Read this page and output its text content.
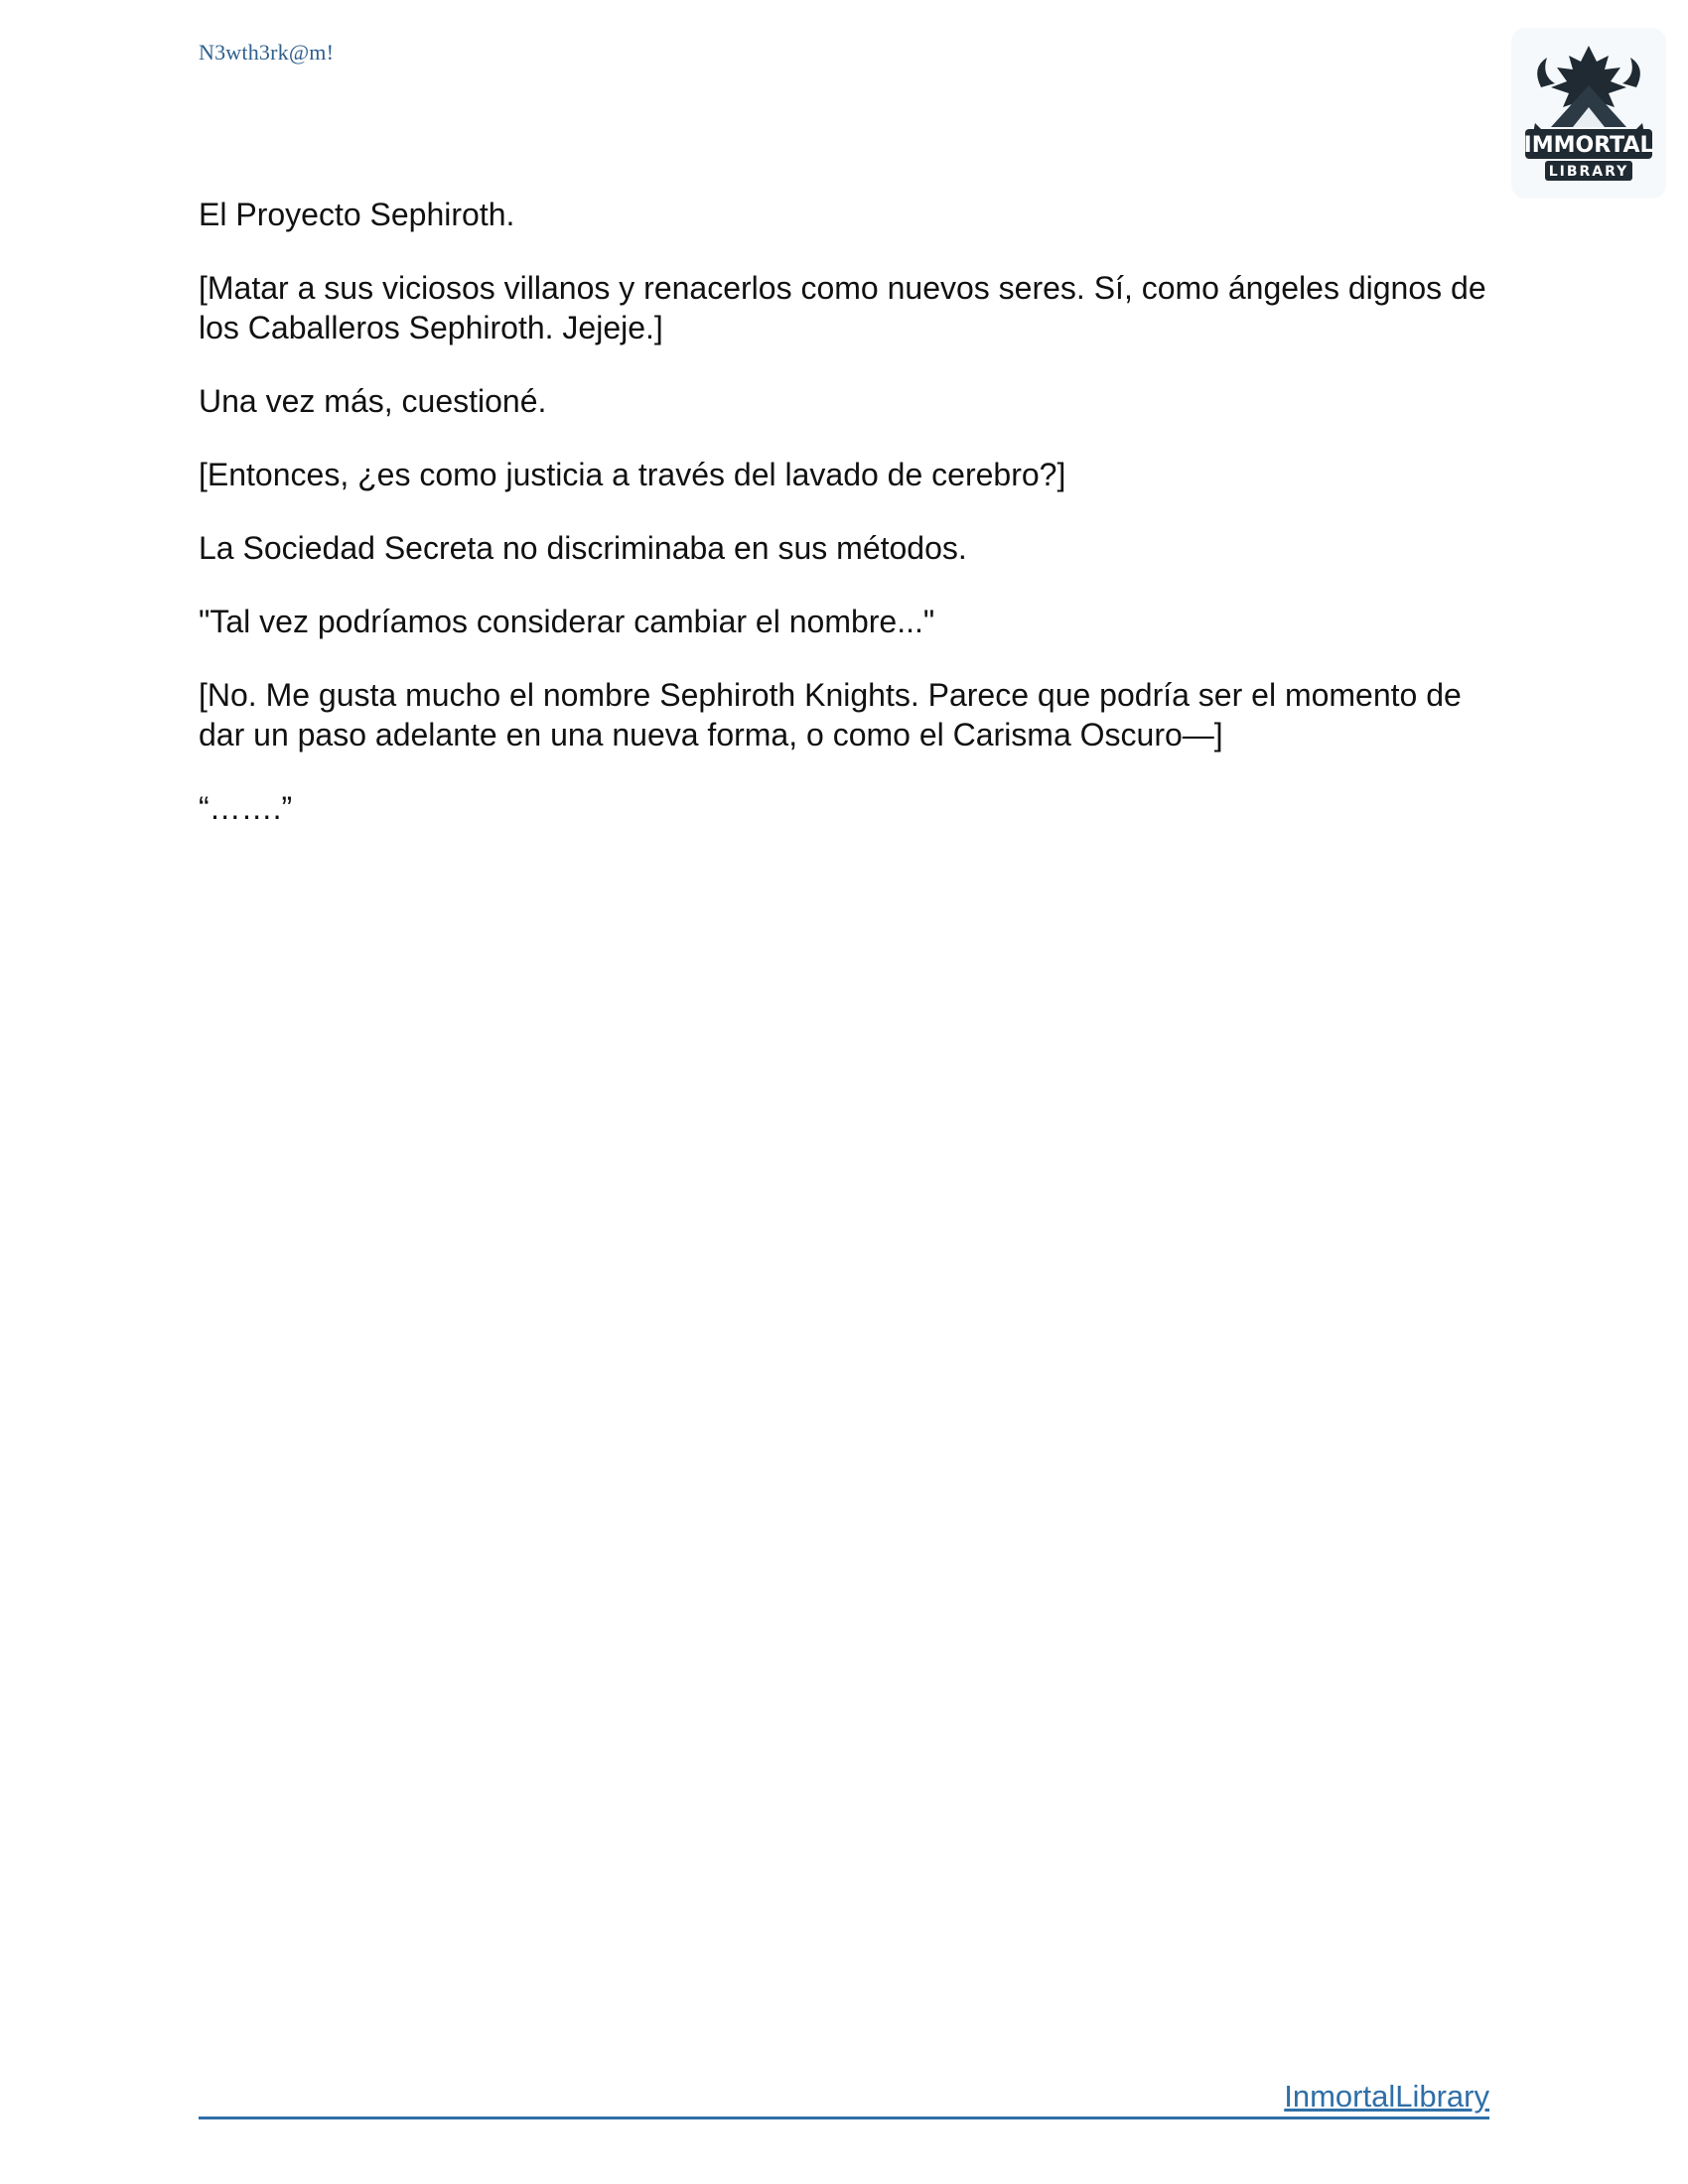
N3wth3rk@m!
IMMORTAL
LIBRARY

El Proyecto Sephiroth.

[Matar a sus viciosos villanos y renacerlos como nuevos seres. Sí, como ángeles dignos de los Caballeros Sephiroth. Jejeje.]

Una vez más, cuestioné.

[Entonces, ¿es como justicia a través del lavado de cerebro?]

La Sociedad Secreta no discriminaba en sus métodos.

"Tal vez podríamos considerar cambiar el nombre..."

[No. Me gusta mucho el nombre Sephiroth Knights. Parece que podría ser el momento de dar un paso adelante en una nueva forma, o como el Carisma Oscuro—]

“…….”

InmortalLibrary
